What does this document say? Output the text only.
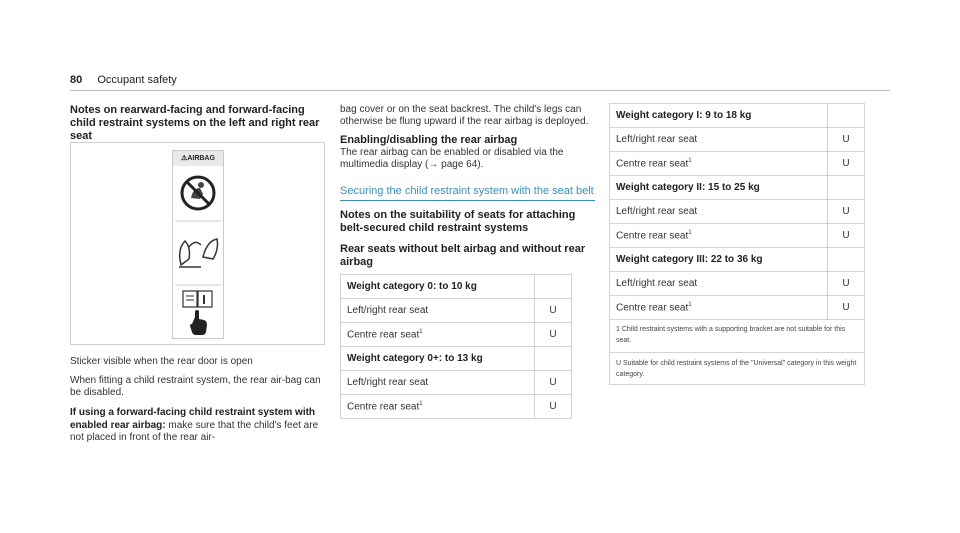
80 Occupant safety
Notes on rearward-facing and forward-facing child restraint systems on the left and right rear seat
⚠AIRBAG
Sticker visible when the rear door is open
When fitting a child restraint system, the rear air-bag can be disabled.
If using a forward-facing child restraint system with enabled rear airbag: make sure that the child's feet are not placed in front of the rear air-
bag cover or on the seat backrest. The child's legs can otherwise be flung upward if the rear airbag is deployed.
Enabling/disabling the rear airbag
The rear airbag can be enabled or disabled via the multimedia display (→ page 64).
Securing the child restraint system with the seat belt
Notes on the suitability of seats for attaching belt-secured child restraint systems
Rear seats without belt airbag and without rear airbag
Weight category 0: to 10 kg	
Left/right rear seat	U
Centre rear seat$^1$	U
Weight category 0+: to 13 kg	
Left/right rear seat	U
Centre rear seat$^1$	U
Weight category I: 9 to 18 kg	
Left/right rear seat	U
Centre rear seat$^1$	U
Weight category II: 15 to 25 kg	
Left/right rear seat	U
Centre rear seat$^1$	U
Weight category III: 22 to 36 kg	
Left/right rear seat	U
Centre rear seat$^1$	U
1 Child restraint systems with a supporting bracket are not suitable for this seat.
U Suitable for child restraint systems of the "Universal" category in this weight category.
